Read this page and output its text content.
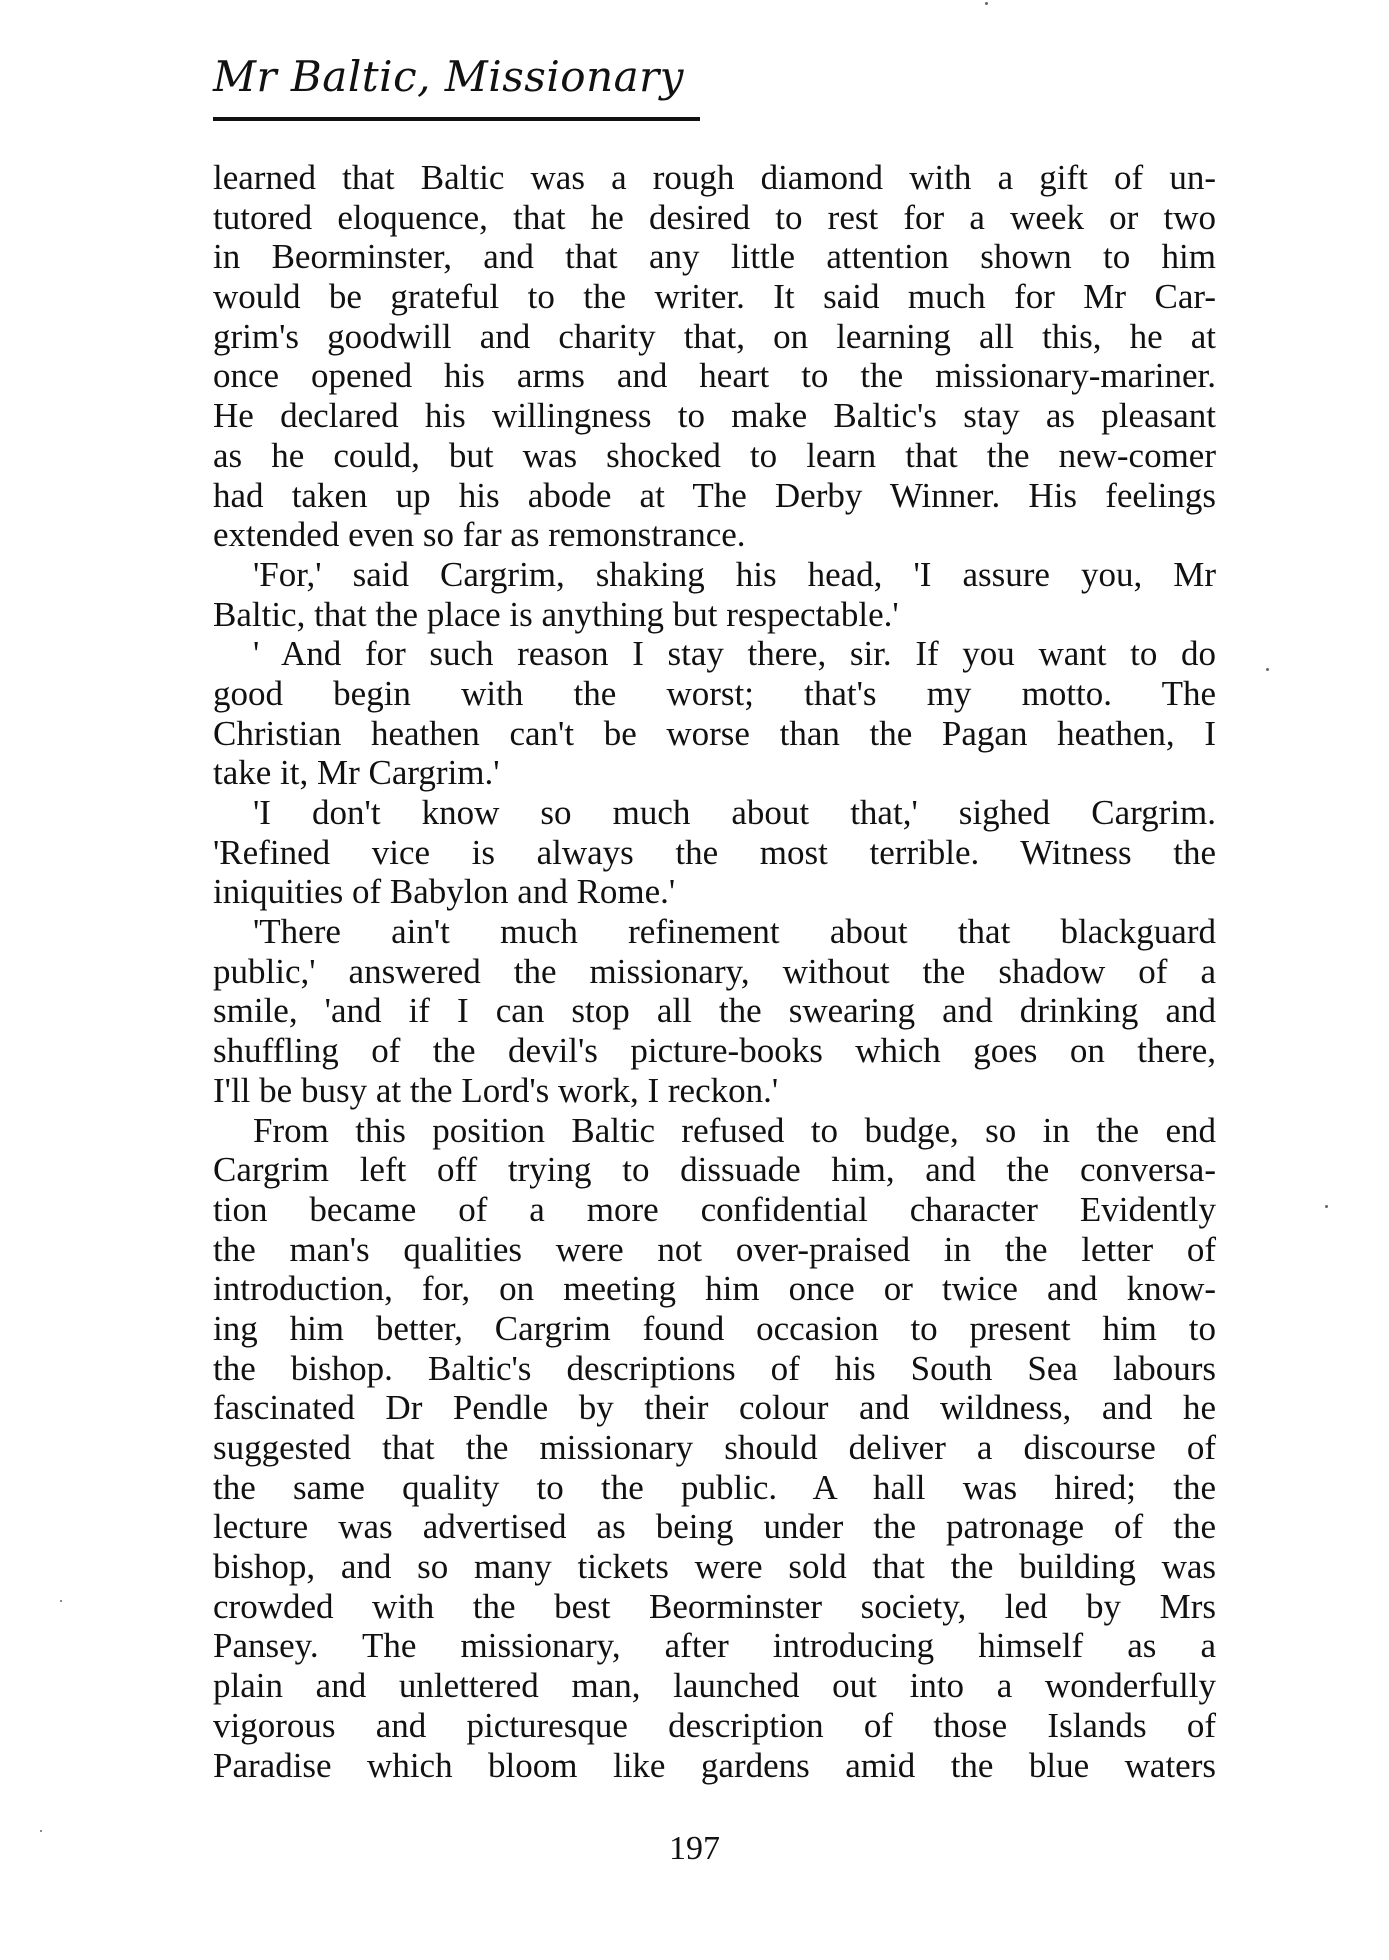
Mr Baltic, Missionary
learned that Baltic was a rough diamond with a gift of un-
tutored eloquence, that he desired to rest for a week or two
in Beorminster, and that any little attention shown to him
would be grateful to the writer. It said much for Mr Car-
grim's goodwill and charity that, on learning all this, he at
once opened his arms and heart to the missionary-mariner.
He declared his willingness to make Baltic's stay as pleasant
as he could, but was shocked to learn that the new-comer
had taken up his abode at The Derby Winner. His feelings
extended even so far as remonstrance.
'For,' said Cargrim, shaking his head, 'I assure you, Mr
Baltic, that the place is anything but respectable.'
' And for such reason I stay there, sir. If you want to do
good begin with the worst; that's my motto. The
Christian heathen can't be worse than the Pagan heathen, I
take it, Mr Cargrim.'
'I don't know so much about that,' sighed Cargrim.
'Refined vice is always the most terrible. Witness the
iniquities of Babylon and Rome.'
'There ain't much refinement about that blackguard
public,' answered the missionary, without the shadow of a
smile, 'and if I can stop all the swearing and drinking and
shuffling of the devil's picture-books which goes on there,
I'll be busy at the Lord's work, I reckon.'
From this position Baltic refused to budge, so in the end
Cargrim left off trying to dissuade him, and the conversa-
tion became of a more confidential character Evidently
the man's qualities were not over-praised in the letter of
introduction, for, on meeting him once or twice and know-
ing him better, Cargrim found occasion to present him to
the bishop. Baltic's descriptions of his South Sea labours
fascinated Dr Pendle by their colour and wildness, and he
suggested that the missionary should deliver a discourse of
the same quality to the public. A hall was hired; the
lecture was advertised as being under the patronage of the
bishop, and so many tickets were sold that the building was
crowded with the best Beorminster society, led by Mrs
Pansey. The missionary, after introducing himself as a
plain and unlettered man, launched out into a wonderfully
vigorous and picturesque description of those Islands of
Paradise which bloom like gardens amid the blue waters
197
